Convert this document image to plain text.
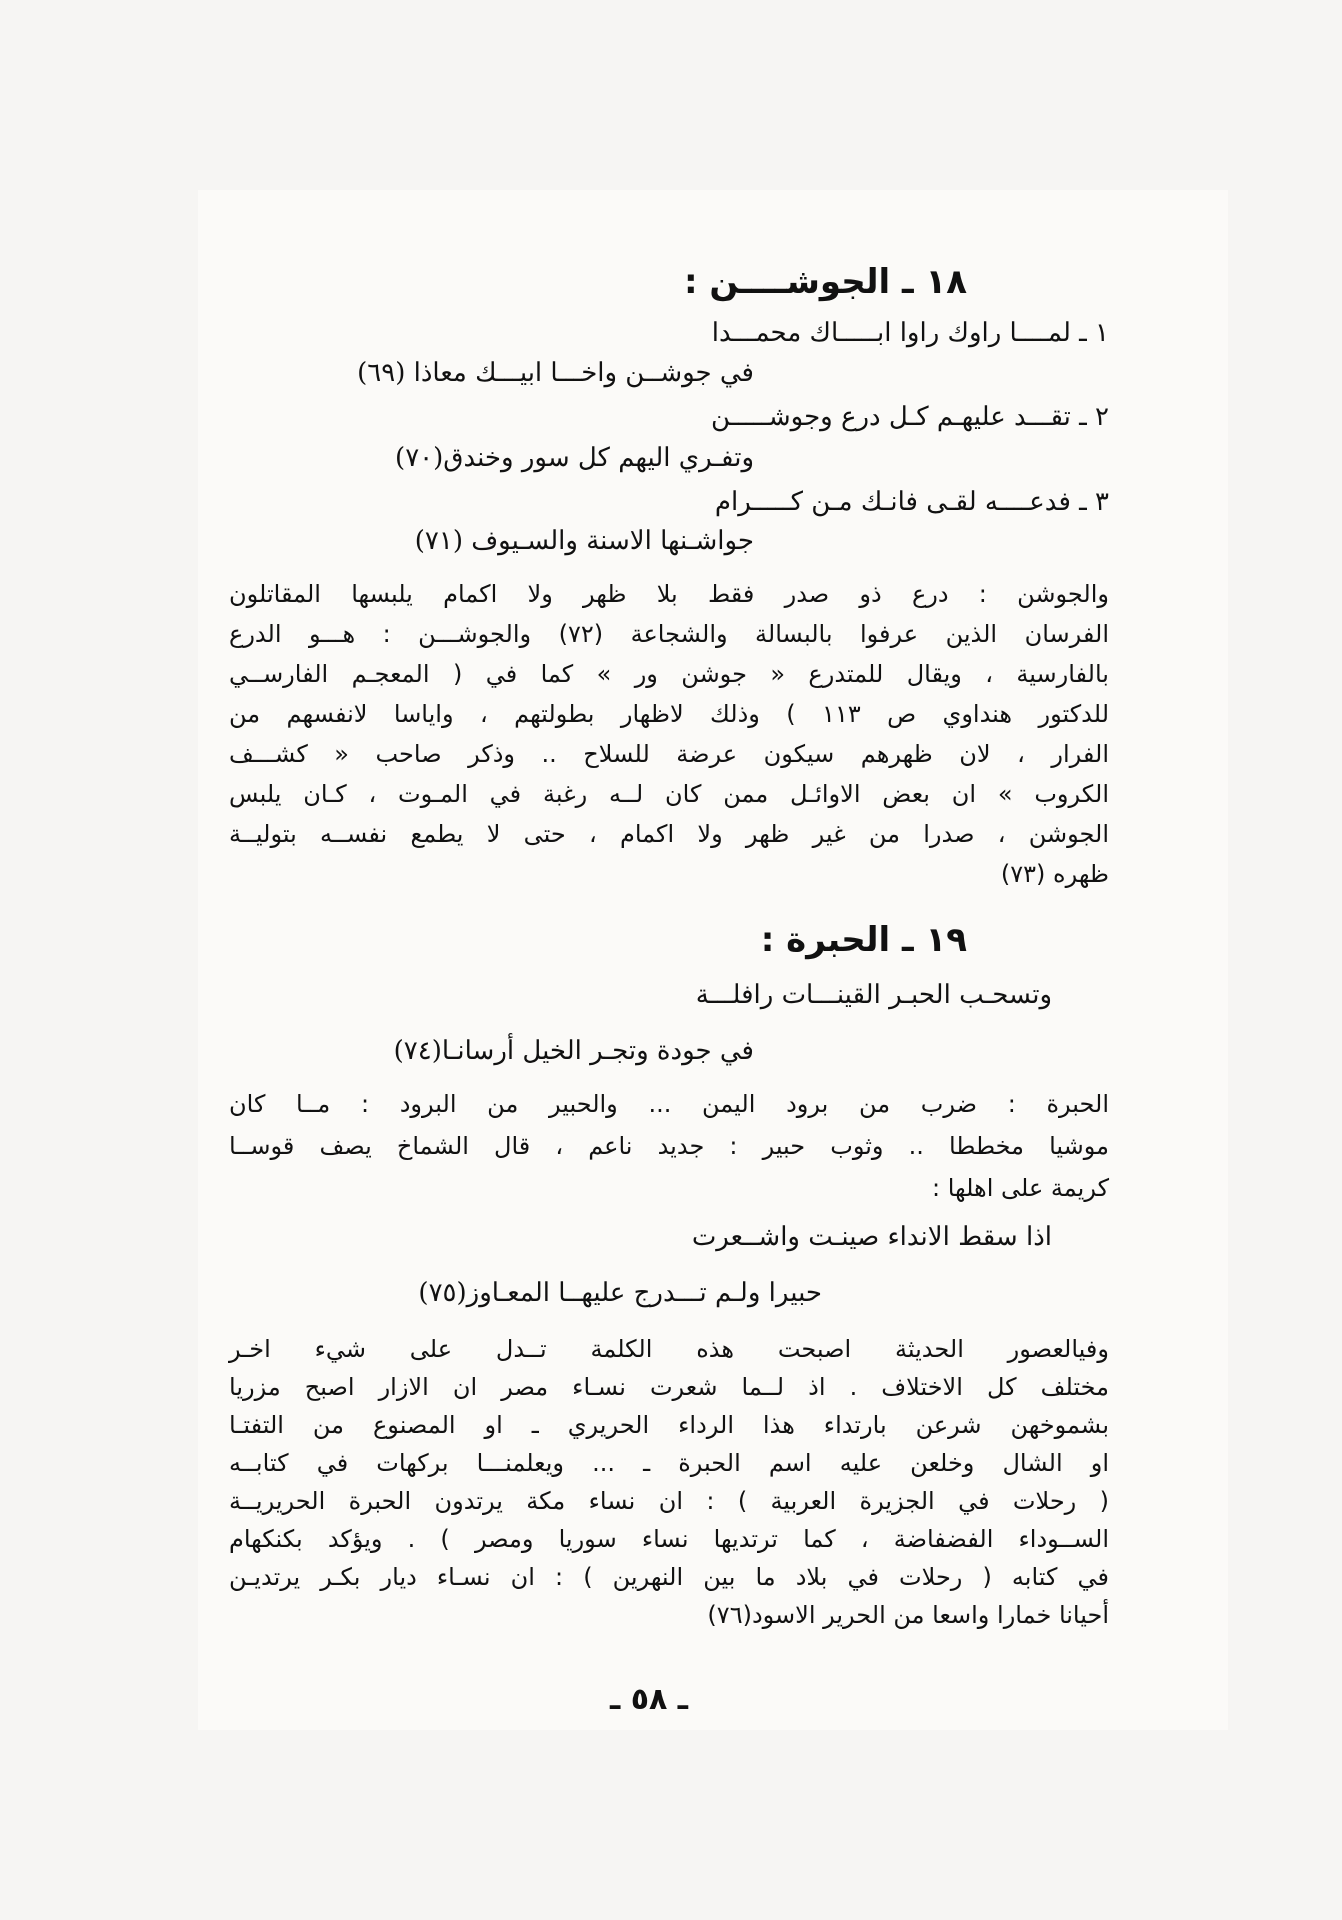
١٨ ـ الجوشــــن :
١ ـ لمــــا راوك راوا ابـــــاك محمـــدا
في جوشــن واخـــا ابيـــك معاذا (٦٩)
٢ ـ تقـــد عليهـم كـل درع وجوشـــــن
وتفـري اليهم كل سور وخندق(٧٠)
٣ ـ فدعــــه لقـى فانـك مـن كـــــرام
جواشـنها الاسنة والسـيوف (٧١)
والجوشن : درع ذو صدر فقط بلا ظهر ولا اكمام يلبسها المقاتلون
الفرسان الذين عرفوا بالبسالة والشجاعة (٧٢) والجوشـــن : هـــو الدرع
بالفارسية ، ويقال للمتدرع « جوشن ور » كما في ( المعجـم الفارســي
للدكتور هنداوي ص ١١٣ ) وذلك لاظهار بطولتهم ، واياسا لانفسهم من
الفرار ، لان ظهرهم سيكون عرضة للسلاح .. وذكر صاحب « كشـــف
الكروب » ان بعض الاوائـل ممن كان لــه رغبة في المـوت ، كـان يلبس
الجوشن ، صدرا من غير ظهر ولا اكمام ، حتى لا يطمع نفســه بتوليــة
ظهره (٧٣)
١٩ ـ الحبرة :
وتسحـب الحبـر القينـــات رافلـــة
في جودة وتجـر الخيل أرسانـا(٧٤)
الحبرة : ضرب من برود اليمن ... والحبير من البرود : مــا كان
موشيا مخططا .. وثوب حبير : جديد ناعم ، قال الشماخ يصف قوســا
كريمة على اهلها :
اذا سقط الانداء صينـت واشــعرت
حبيرا ولـم تـــدرج عليهــا المعـاوز(٧٥)
وفيالعصور الحديثة اصبحت هذه الكلمة تــدل على شيء اخـر
مختلف كل الاختلاف . اذ لــما شعرت نسـاء مصر ان الازار اصبح مزريا
بشموخهن شرعن بارتداء هذا الرداء الحريري ـ او المصنوع من التفتـا
او الشال وخلعن عليه اسم الحبرة ـ ... ويعلمنـــا بركهات في كتابــه
( رحلات في الجزيرة العربية ) : ان نساء مكة يرتدون الحبرة الحريريــة
الســوداء الفضفاضة ، كما ترتديها نساء سوريا ومصر ) . ويؤكد بكنكهام
في كتابه ( رحلات في بلاد ما بين النهرين ) : ان نسـاء ديار بكـر يرتديـن
أحيانا خمارا واسعا من الحرير الاسود(٧٦)
ـ ٥٨ ـ
